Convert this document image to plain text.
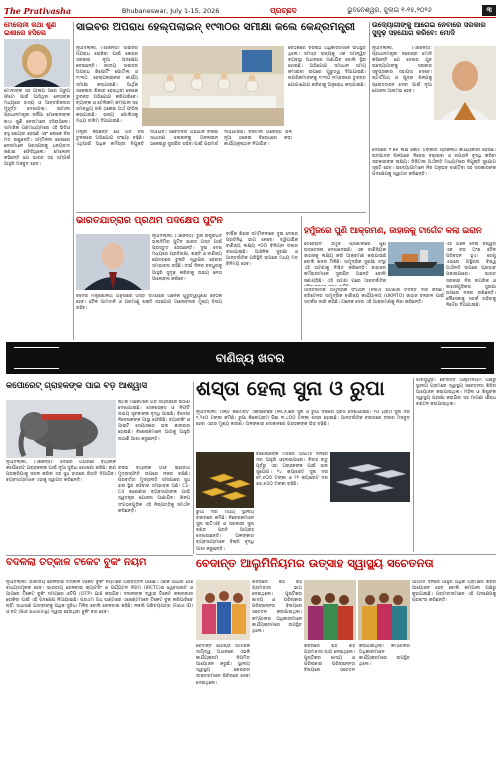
The Prativasha	Bhubaneswar, July 1-15, 2026	ପ୍ରଚ୍ଛଦ	ଭୁବନେଶ୍ୱର, ଜୁଲାଇ ୧-୧୫,୨୦୨୬	୩
ମେଲୋନୀ କଥା ଶୁଣି ଇଶାରେ ହସିଲେ
ମୋଦୀଙ୍କ ସହ ଆଳାପ ପରେ ଗ୍ରୁପ୍ ଫଟୋ ପାଇଁ ଆସିଥିବା ନେତାଙ୍କ ମଧ୍ୟରେ ହାସ୍ୟ ଓ ଆନ୍ତରିକତାର ମୁହୂର୍ତ୍ତ ଦେଖାଗଲା। ଇଟାଲୀ ପ୍ରଧାନମନ୍ତ୍ରୀ ଜର୍ଜିଆ ମେଲୋନୀଙ୍କ କଥା ଶୁଣି ନେତାମାନେ ହସିଉଠିଲେ। ସାମାଜିକ ଗଣମାଧ୍ୟମରେ ଏହି ଭିଡିଓ ବହୁ ଶେୟାର ହେଉଛି ଏବଂ ଲୋକେ ନିଜ ମତ ରଖୁଛନ୍ତି। ସମ୍ମିଳନୀ ଶେଷରେ ନେତାମାନେ ପରସ୍ପରକୁ ଧନ୍ୟବାଦ ଜଣାଇ ଫେରିଥିଲେ। ମେଲୋନୀ କହିଛନ୍ତି ଯେ ଭାରତ ସହ ସମ୍ପର୍କ ଆହୁରି ମଜବୁତ ହେବ।
ସାଇବର ଅପରାଧ ହେଲ୍ପଲାଇନ୍ ୧୯୩୦ର ସମୀକ୍ଷା କଲେ କେନ୍ଦ୍ରମନ୍ତ୍ରୀ
ନୂଆଦିଲ୍ଲୀ, (ଏଜେନ୍ସି): ସାଇବର ଅପରାଧ ରୋକିବା ପାଇଁ କେନ୍ଦ୍ର ସରକାର ନୂଆ ପଦକ୍ଷେପ ନେଉଛନ୍ତି। ଜାତୀୟ ସାଇବର ଅପରାଧ ରିପୋର୍ଟିଂ ପୋର୍ଟାଲ ଓ ୧୯୩୦ ହେଲ୍ପଲାଇନର କାର୍ଯ୍ୟ ସମୀକ୍ଷା କରାଯାଇଛି। ଆର୍ଥିକ ଠକେଇର ଶିକାର ହେଉଥିବା ଲୋକେ ତୁରନ୍ତ ଅଭିଯୋଗ କରିପାରିବେ। ବ୍ୟାଙ୍କ ଓ ଟେଲିକମ୍ କମ୍ପାନୀ ସହ ସମନ୍ୱୟ ରଖି ଠକେଇ ଅର୍ଥ ଫ୍ରିଜ୍ କରାଯାଉଛି। ରାଜ୍ୟ ପୋଲିସକୁ ମଧ୍ୟ ତାଲିମ ଦିଆଯାଉଛି।
ବୈଠକରେ ବରିଷ୍ଠ ଅଧିକାରୀମାନେ ଉପସ୍ଥିତ ଥିଲେ। ସମସ୍ତ ରାଜ୍ୟକୁ ଏକ ସମନ୍ୱିତ ବ୍ୟବସ୍ଥା ଅଧୀନରେ ଅଣାଯିବ ବୋଲି ସ୍ଥିର ହୋଇଛି। ଅଭିଯୋଗ ସମାଧାନ ସମୟ କମାଇବା ଉପରେ ଗୁରୁତ୍ୱ ଦିଆଯାଇଛି। ନାଗରିକମାନଙ୍କୁ ୧୯୩୦ ନମ୍ବରରେ ତୁରନ୍ତ ଯୋଗାଯୋଗ କରିବାକୁ ଅନୁରୋଧ କରାଯାଇଛି।
ମନ୍ତ୍ରୀ କହିଛନ୍ତି ଯେ ଗତ ବର୍ଷ ତୁଳନାରେ ଅଭିଯୋଗ ସଂଖ୍ୟା ବଢ଼ିଛି। ଏଥିପାଇଁ ଅଧିକ କର୍ମଚାରୀ ନିଯୁକ୍ତି ଦିଆଯିବ। ସଚେତନତା ଅଭିଯାନ ଚଳାଇ ସାଧାରଣ ଲୋକଙ୍କୁ ଅନଲାଇନ ଠକେଇରୁ ସୁରକ୍ଷିତ ରହିବା ପାଇଁ ପରାମର୍ଶ ଦିଆଯାଉଛି। ଡିଜିଟାଲ ଅରେଷ୍ଟ ଭଳି ନୂଆ ଠକେଇ ବିରୋଧରେ କଡ଼ା କାର୍ଯ୍ୟାନୁଷ୍ଠାନ ନିଆଯିବ।
ଉଦ୍ୟୋଗୀଙ୍କୁ ଆଗେଇ ନେବାରେ ସରକାର ସୁଦୃଢ଼ ସହଯୋଗ କରିବେ: ମୋଦି
ନୂଆଦିଲ୍ଲୀ, (ଏଜେନ୍ସି): ପ୍ରଧାନମନ୍ତ୍ରୀ ନରେନ୍ଦ୍ର ମୋଦି କହିଛନ୍ତି ଯେ ଦେଶର ଯୁବ ଉଦ୍ୟୋଗୀଙ୍କୁ ସରକାର ସବୁପ୍ରକାର ସହାୟତା ଦେବେ। ଷ୍ଟାର୍ଟଅପ୍ ଓ କ୍ଷୁଦ୍ର ଶିଳ୍ପକୁ ପ୍ରୋତ୍ସାହନ ଦେବା ପାଇଁ ନୂଆ ଯୋଜନା ଆରମ୍ଭ ହେବ।
ଦେଶରେ ୧.୭୫ ଲକ୍ଷ କୋଟି ଟଙ୍କାର ପ୍ରକଳ୍ପ କାର୍ଯ୍ୟକାରୀ ହେଉଛି। ଉତ୍ପାଦନ ଶିଳ୍ପରେ ନିବେଶ ବଢ଼ାଇବା ଓ ରପ୍ତାନି ବୃଦ୍ଧି କରିବା ସରକାରଙ୍କ ଲକ୍ଷ୍ୟ। ଡିଜିଟାଲ ଅର୍ଥନୀତି ମାଧ୍ୟମରେ ନିଯୁକ୍ତି ସୁଯୋଗ ସୃଷ୍ଟି ହେବ। ଉଦ୍ୟୋଗୀମାନେ ନିଜ ଅନୁଭବ ବାଣ୍ଟିବା ସହ ସରକାରଙ୍କ ପଦକ୍ଷେପକୁ ସ୍ୱାଗତ କରିଛନ୍ତି।
ଭାରତଯାତ୍ରାର ପ୍ରଥମ ପଦକ୍ଷେପ ପୁଟିନ
ନୂଆଦିଲ୍ଲୀ, (ଏଜେନ୍ସି): ରୁଷ ରାଷ୍ଟ୍ରପତି ଭ୍ଲାଦିମିର ପୁଟିନ ଭାରତ ଗସ୍ତ ପାଇଁ ପ୍ରସ୍ତୁତ ହେଉଛନ୍ତି। ଦୁଇ ଦେଶ ମଧ୍ୟରେ ପ୍ରତିରକ୍ଷା, ଶକ୍ତି ଓ ବାଣିଜ୍ୟ କ୍ଷେତ୍ରରେ ଚୁକ୍ତି ସ୍ୱାକ୍ଷର ହେବାର ସମ୍ଭାବନା ରହିଛି। ଦୀର୍ଘ ଦିନର ବନ୍ଧୁତାକୁ ଆହୁରି ସୁଦୃଢ଼ କରିବାକୁ ଉଭୟ ନେତା ଆଲୋଚନା କରିବେ।
ବାର୍ଷିକ ଶିଖର ସମ୍ମିଳନୀରେ ଦୁଇ ଦେଶର ପ୍ରତିନିଧି ଭାଗ ନେବେ। ଦ୍ୱିପାକ୍ଷିକ ବାଣିଜ୍ୟ ଲକ୍ଷ୍ୟ ୧୦୦ ବିଲିୟନ ଡଲାର ରଖାଯାଇଛି। ଆଞ୍ଚଳିକ ସୁରକ୍ଷା ଓ ଆନ୍ତର୍ଜାତିକ ପରିସ୍ଥିତି ଉପରେ ମଧ୍ୟ ମତ ବିନିମୟ ହେବ।
ବିଦେଶ ମନ୍ତ୍ରଣାଳୟ ଅନୁସାରେ ଗସ୍ତ ସମୟରେ ଅନେକ ଗୁରୁତ୍ୱପୂର୍ଣ୍ଣ ବୈଠକ ହେବ। ତୈଳ ଆମଦାନି ଓ ପରମାଣୁ ଶକ୍ତି ସହଯୋଗ ଆଲୋଚନାର ମୁଖ୍ୟ ବିଷୟ ରହିବ।
ହର୍ମୁଜରେ ପୁଣି ଆକ୍ରମଣ, ଜାହାଜକୁ ଟାର୍ଗେଟ କଲା ଇରାନ
ତେହେରାନ: ହର୍ମୁଜ ପ୍ରଣାଳୀରେ ପୁଣି ଉତ୍ତେଜନା ଦେଖାଦେଇଛି। ଏକ ବାଣିଜ୍ୟିକ ଜାହାଜକୁ ଲକ୍ଷ୍ୟ କରି ଆକ୍ରମଣ କରାଯାଇଛି ବୋଲି ଖବର ମିଳିଛି। ସାମୁଦ୍ରିକ ସୁରକ୍ଷା ସଂସ୍ଥା ଏହି ଘଟଣାକୁ ନିଶ୍ଚିତ କରିଛନ୍ତି। ଜାହାଜର କର୍ମଚାରୀମାନେ ସୁରକ୍ଷିତ ଅଛନ୍ତି ବୋଲି ଜଣାପଡ଼ିଛି। ଏହି ଘଟଣା ପରେ ଆନ୍ତର୍ଜାତିକ
ଏହି ଅଞ୍ଚଳ ଦେଇ ବିଶ୍ୱର ଏକ ବଡ଼ ଅଂଶ ତୈଳ ପରିବହନ ହୁଏ। ତେଣୁ ଏଠାରେ ଅସ୍ଥିରତା ବିଶ୍ୱ ଅର୍ଥନୀତି ଉପରେ ପ୍ରଭାବ ପକାଇପାରେ। ଭାରତ ସରକାର ନିଜ ନାଗରିକ ଓ ଜାହାଜଗୁଡ଼ିକର ସୁରକ୍ଷା ଉପରେ ନଜର ରଖିଛନ୍ତି। ନୌସେନାକୁ ସତର୍କ ରହିବାକୁ ନିର୍ଦ୍ଦେଶ ଦିଆଯାଇଛି।
ଆନ୍ତର୍ଜାତିକ ସାମୁଦ୍ରିକ ସଂଗଠନ (IMO) ଘଟଣାର ତଦନ୍ତ ଦାବି କରିଛି। ବ୍ରିଟେନର ସାମୁଦ୍ରିକ ବାଣିଜ୍ୟ କାର୍ଯ୍ୟାଳୟ (UKMTO) ଜାହାଜ ଚଳାଚଳ ପାଇଁ ସତର୍କତା ଜାରି କରିଛି। ଅନେକ ଦେଶ ଏହି ଆକ୍ରମଣକୁ ନିନ୍ଦା କରିଛନ୍ତି।
ବାଣିଜ୍ୟ ଖବର
କର୍ପୋରେଟ୍ ଗ୍ରାହକଙ୍କ ପାଇଁ ବଡ଼ ଆଶ୍ୱାସି
ଷ୍ଟକ୍ ମାର୍କେଟରେ ଗତ ସପ୍ତାହରେ ଉଠାଣି ଦେଖାଯାଇଛି। ସେନସେକ୍ସ ଓ ନିଫ୍ଟି ଉଭୟ ସୂଚକାଙ୍କ ବୃଦ୍ଧି ପାଇଛି। ବିଦେଶୀ ନିବେଶକଙ୍କ ଆସ୍ଥା ଫେରିଛି। ବ୍ୟାଙ୍କିଂ ଓ ଆଇଟି ସେୟାରରେ ଭଲ କାରବାର ହୋଇଛି। ବିଶେଷଜ୍ଞମାନେ ଆଗକୁ ଆହୁରି ଉଠାଣି ଆଶା କରୁଛନ୍ତି।
ନୂଆଦିଲ୍ଲୀ, (ଏଜେନ୍ସି): ଦେଶର ଅଗ୍ରଣୀ ବ୍ୟାଙ୍କ କର୍ପୋରେଟ୍ ଗ୍ରାହକଙ୍କ ପାଇଁ ନୂଆ ସୁବିଧା ଘୋଷଣା କରିଛି। ଋଣ ପ୍ରକ୍ରିୟାକୁ ସରଳ କରିବା ସହ ସୁଧ ହାରରେ ରିହାତି ଦିଆଯିବ। ବ୍ୟବସାୟୀମାନେ ଏହାକୁ ସ୍ୱାଗତ କରିଛନ୍ତି।
ରିଜର୍ଭ ବ୍ୟାଙ୍କ ଅଫ୍ ଇଣ୍ଡିଆ ମୁଦ୍ରାସ୍ଫୀତି ଉପରେ ନଜର ରଖିଛି। ପରବର୍ତ୍ତୀ ମୁଦ୍ରାନୀତି ସମୀକ୍ଷାରେ ସୁଧ ହାର ସ୍ଥିର ରହିବାର ସମ୍ଭାବନା ଅଛି। C1-C4 ଶ୍ରେଣୀର ବ୍ୟବସାୟୀଙ୍କ ପାଇଁ ସ୍ୱତନ୍ତ୍ର ଯୋଜନା ଆଣାଯିବ। ଶିଳ୍ପ ସଂଗଠନଗୁଡ଼ିକ ଏହି ନିଷ୍ପତ୍ତିକୁ ସମର୍ଥନ କରିଛନ୍ତି।
ଶସ୍ତା ହେଲା ସୁନା ଓ ରୁପା
ନୂଆଦିଲ୍ଲୀ: ମଲ୍ଟି କମୋଡିଟି ଏକ୍ସଚେଞ୍ଜ (MCX)ରେ ସୁନା ଓ ରୁପା ଦରରେ ହ୍ରାସ ଦେଖାଯାଇଛି। ୧୦ ଗ୍ରାମ ସୁନା ଦର ୧,୨୫୦ ଟଙ୍କା କମିଛି। ରୁପା କିଲୋଗ୍ରାମ ପିଛା ୩,୪୦୦ ଟଙ୍କା ଶସ୍ତା ହୋଇଛି। ଆନ୍ତର୍ଜାତିକ ବଜାରରେ ଡଲାର ମଜବୁତ ହେବା ଏହାର ମୁଖ୍ୟ କାରଣ। ଅଳଙ୍କାର ଦୋକାନରେ ଗ୍ରାହକଙ୍କ ଭିଡ଼ ବଢ଼ିଛି।
ବିଶେଷଜ୍ଞଙ୍କ ମତରେ ଆଗାମୀ ଦିନରେ ଦର ଆହୁରି ଓହ୍ଲାଇପାରେ। ବିବାହ ଋତୁ ପୂର୍ବରୁ ଏହା ଗ୍ରାହକଙ୍କ ପାଇଁ ଭଲ ସୁଯୋଗ। ୨୪ କ୍ୟାରେଟ ସୁନା ଦର ୭୨,୫୦୦ ଟଙ୍କା ଓ ୨୨ କ୍ୟାରେଟ ଦର ୬୬,୫୦୦ ଟଙ୍କା ରହିଛି।
ରୁପା ଦର ମଧ୍ୟ ସ୍ଥାନୀୟ ବଜାରରେ କମିଛି। ନିବେଶକମାନେ ସୁନା ଇଟିଏଫ୍ ଓ ସରକାରୀ ସୁନା ବଣ୍ଡ ପ୍ରତି ଆଗ୍ରହ ଦେଖାଉଛନ୍ତି। ଅଳଙ୍କାର ବ୍ୟବସାୟୀମାନେ ବିକ୍ରି ବୃଦ୍ଧି ଆଶା କରୁଛନ୍ତି।
ଝାରସୁଗୁଡ଼ା: ବେଦାନ୍ତ ଆଲୁମିନିୟମ ପକ୍ଷରୁ ସ୍ଥାନୀୟ ଗ୍ରାମରେ ସ୍ୱାସ୍ଥ୍ୟ ସଚେତନତା ଶିବିର ଆୟୋଜନ କରାଯାଇଥିଲା। ମହିଳା ଓ ଶିଶୁଙ୍କ ସ୍ୱାସ୍ଥ୍ୟ ପରୀକ୍ଷା କରାଯିବା ସହ ମାଗଣା ଔଷଧ ବଣ୍ଟନ କରାଯାଇଥିଲା।
ବେଦାନ୍ତ ଆଲୁମିନିୟମର ଉତ୍ସାହ ସ୍ୱାସ୍ଥ୍ୟ ସଚେତନତା
ଶିବିରରେ ଶହ ଶହ ଗ୍ରାମବାସୀ ଭାଗ ନେଇଥିଲେ। ପୁଷ୍ଟିକର ଖାଦ୍ୟ ଓ ପରିଷ୍କାର ପରିଚ୍ଛନ୍ନତା ବିଷୟରେ ସଚେତନ କରାଯାଇଥିଲା। କମ୍ପାନୀର ଅଧିକାରୀମାନେ କାର୍ଯ୍ୟକ୍ରମରେ ଉପସ୍ଥିତ ଥିଲେ।
ଆଗାମୀ ଦିନରେ ଆହୁରି ଅଧିକ ଗ୍ରାମରେ ଶିବିର ଆୟୋଜନ ହେବ ବୋଲି କମ୍ପାନୀ ପକ୍ଷରୁ କୁହାଯାଇଛି। ଗ୍ରାମବାସୀମାନେ ଏହି ପଦକ୍ଷେପକୁ ପ୍ରଶଂସା କରିଛନ୍ତି।
ବେଦାନ୍ତ ଗୋଷ୍ଠୀ ସାମାଜିକ ଦାୟିତ୍ୱ ଅଧୀନରେ ଏଭଳି କାର୍ଯ୍ୟକ୍ରମ ନିୟମିତ ଆୟୋଜନ କରୁଛି। ସ୍ଥାନୀୟ ସ୍ୱାସ୍ଥ୍ୟ କେନ୍ଦ୍ରର ଡାକ୍ତରମାନେ ଶିବିରରେ ସେବା ଦେଇଥିଲେ।
ଶିବିରରେ ଶହ ଶହ ଗ୍ରାମବାସୀ ଭାଗ ନେଇଥିଲେ। ପୁଷ୍ଟିକର ଖାଦ୍ୟ ଓ ପରିଷ୍କାର ପରିଚ୍ଛନ୍ନତା ବିଷୟରେ ସଚେତନ କରାଯାଇଥିଲା। କମ୍ପାନୀର ଅଧିକାରୀମାନେ କାର୍ଯ୍ୟକ୍ରମରେ ଉପସ୍ଥିତ ଥିଲେ।
ବଦଳିଲା ତତ୍କାଳ ଟିକେଟ ବୁକିଂ ନିୟମ
ନୂଆଦିଲ୍ଲୀ: ଭାରତୀୟ ରେଳବାଇ ତତ୍କାଳ ଟିକେଟ ବୁକିଂ ନିୟମରେ ପରିବର୍ତ୍ତନ ଆଣିଛି। ଏଣିକି ଆଧାର ଯାଞ୍ଚ ବାଧ୍ୟତାମୂଳକ ହେବ। ଭାରତୀୟ ରେଳବାଇ କ୍ୟାଟରିଂ ଓ ପର୍ଯ୍ୟଟନ ନିଗମ (IRCTC)ର ୱେବସାଇଟ ଓ ଆପରେ ଟିକେଟ ବୁକିଂ ସମୟରେ ଓଟିପି (OTP) ଯାଞ୍ଚ କରାଯିବ। ଦଲାଲଙ୍କ ଦ୍ୱାରା ଟିକେଟ କଳାବଜାରୀ ରୋକିବା ପାଇଁ ଏହି ପଦକ୍ଷେପ ନିଆଯାଇଛି। ପ୍ରଥମ ଅଧ ଘଣ୍ଟାରେ ଏଜେଣ୍ଟମାନେ ଟିକେଟ ବୁକ୍ କରିପାରିବେ ନାହିଁ। ସାଧାରଣ ଯାତ୍ରୀଙ୍କୁ ଅଧିକ ସୁବିଧା ମିଳିବ ବୋଲି ରେଳବାଇ କହିଛି। ନକଲି ପରିଚୟପତ୍ର (Fake ID) ଓ ବଟ୍ (Bot booking) ଦ୍ୱାରା ହେଉଥିବା ବୁକିଂ ବନ୍ଦ ହେବ।
